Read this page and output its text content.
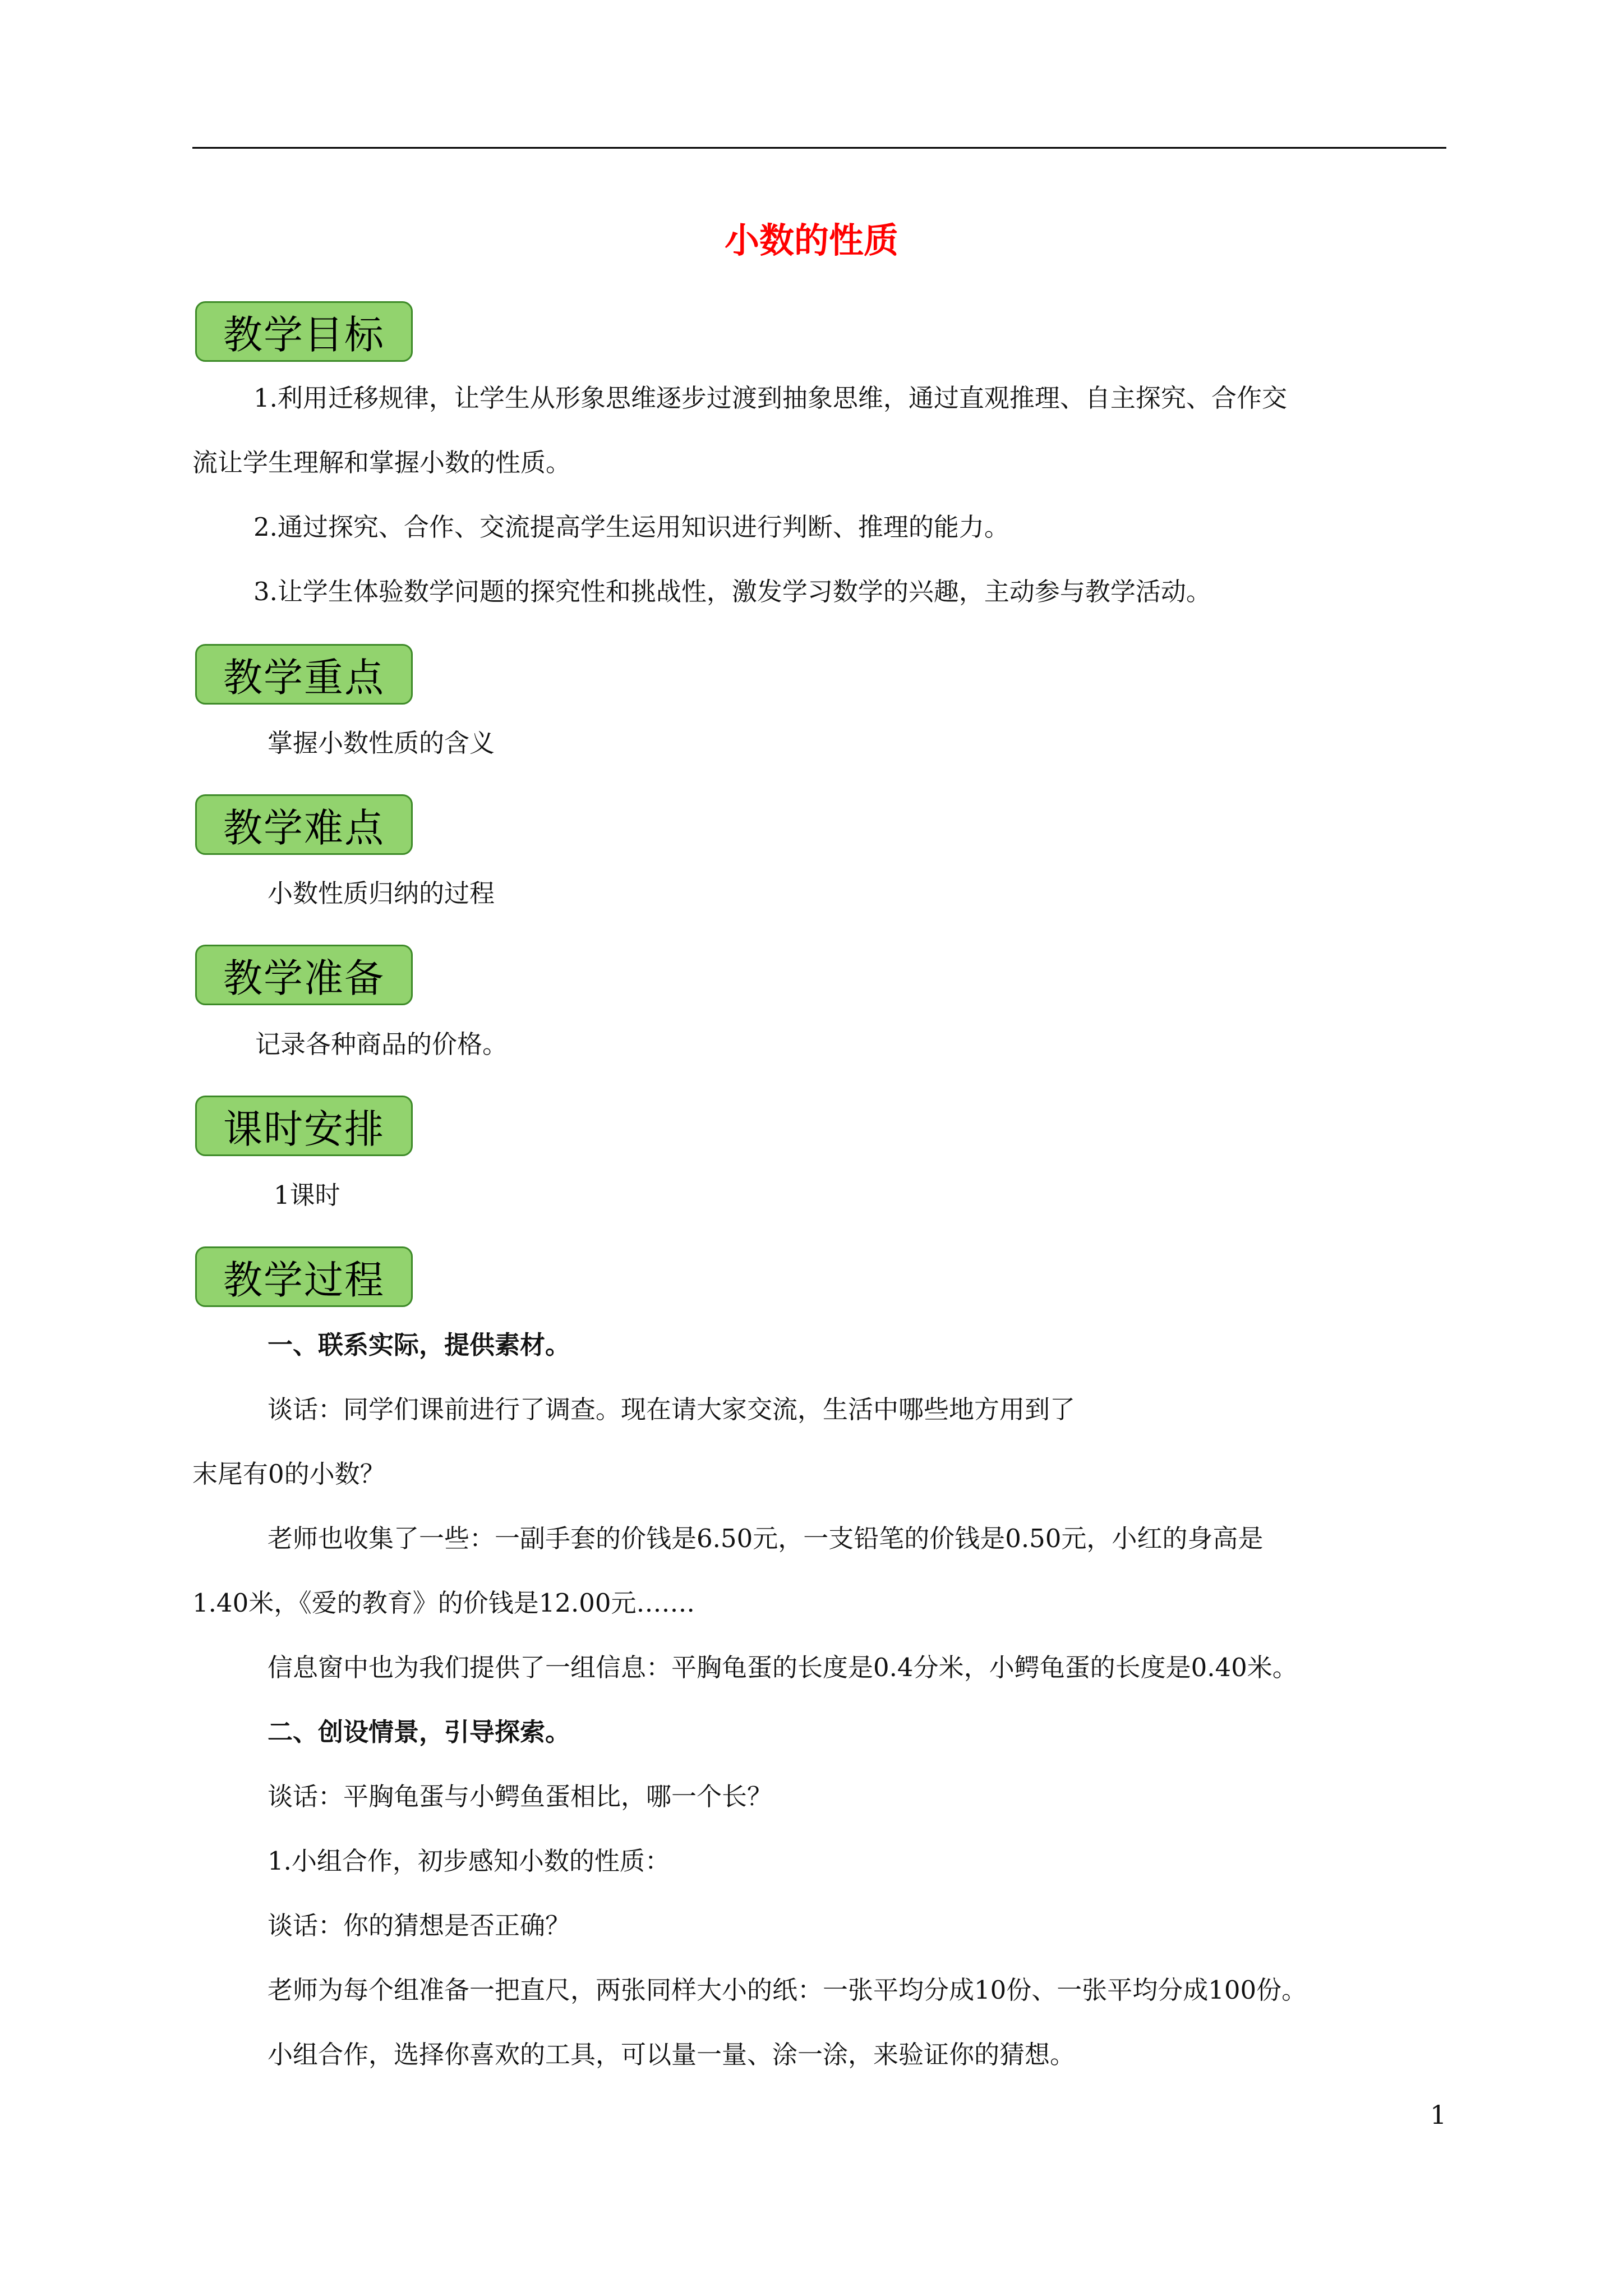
小数的性质
教学目标
1.利用迁移规律，让学生从形象思维逐步过渡到抽象思维，通过直观推理、自主探究、合作交
流让学生理解和掌握小数的性质。
2.通过探究、合作、交流提高学生运用知识进行判断、推理的能力。
3.让学生体验数学问题的探究性和挑战性，激发学习数学的兴趣，主动参与教学活动。
教学重点
掌握小数性质的含义
教学难点
小数性质归纳的过程
教学准备
记录各种商品的价格。
课时安排
1课时
教学过程
一、联系实际，提供素材。
谈话：同学们课前进行了调查。现在请大家交流，生活中哪些地方用到了
末尾有0的小数？
老师也收集了一些：一副手套的价钱是6.50元，一支铅笔的价钱是0.50元，小红的身高是
1.40米，《爱的教育》的价钱是12.00元…….
信息窗中也为我们提供了一组信息：平胸龟蛋的长度是0.4分米，小鳄龟蛋的长度是0.40米。
二、创设情景，引导探索。
谈话：平胸龟蛋与小鳄鱼蛋相比，哪一个长？
1.小组合作，初步感知小数的性质：
谈话：你的猜想是否正确？
老师为每个组准备一把直尺，两张同样大小的纸：一张平均分成10份、一张平均分成100份。
小组合作，选择你喜欢的工具，可以量一量、涂一涂，来验证你的猜想。
1
